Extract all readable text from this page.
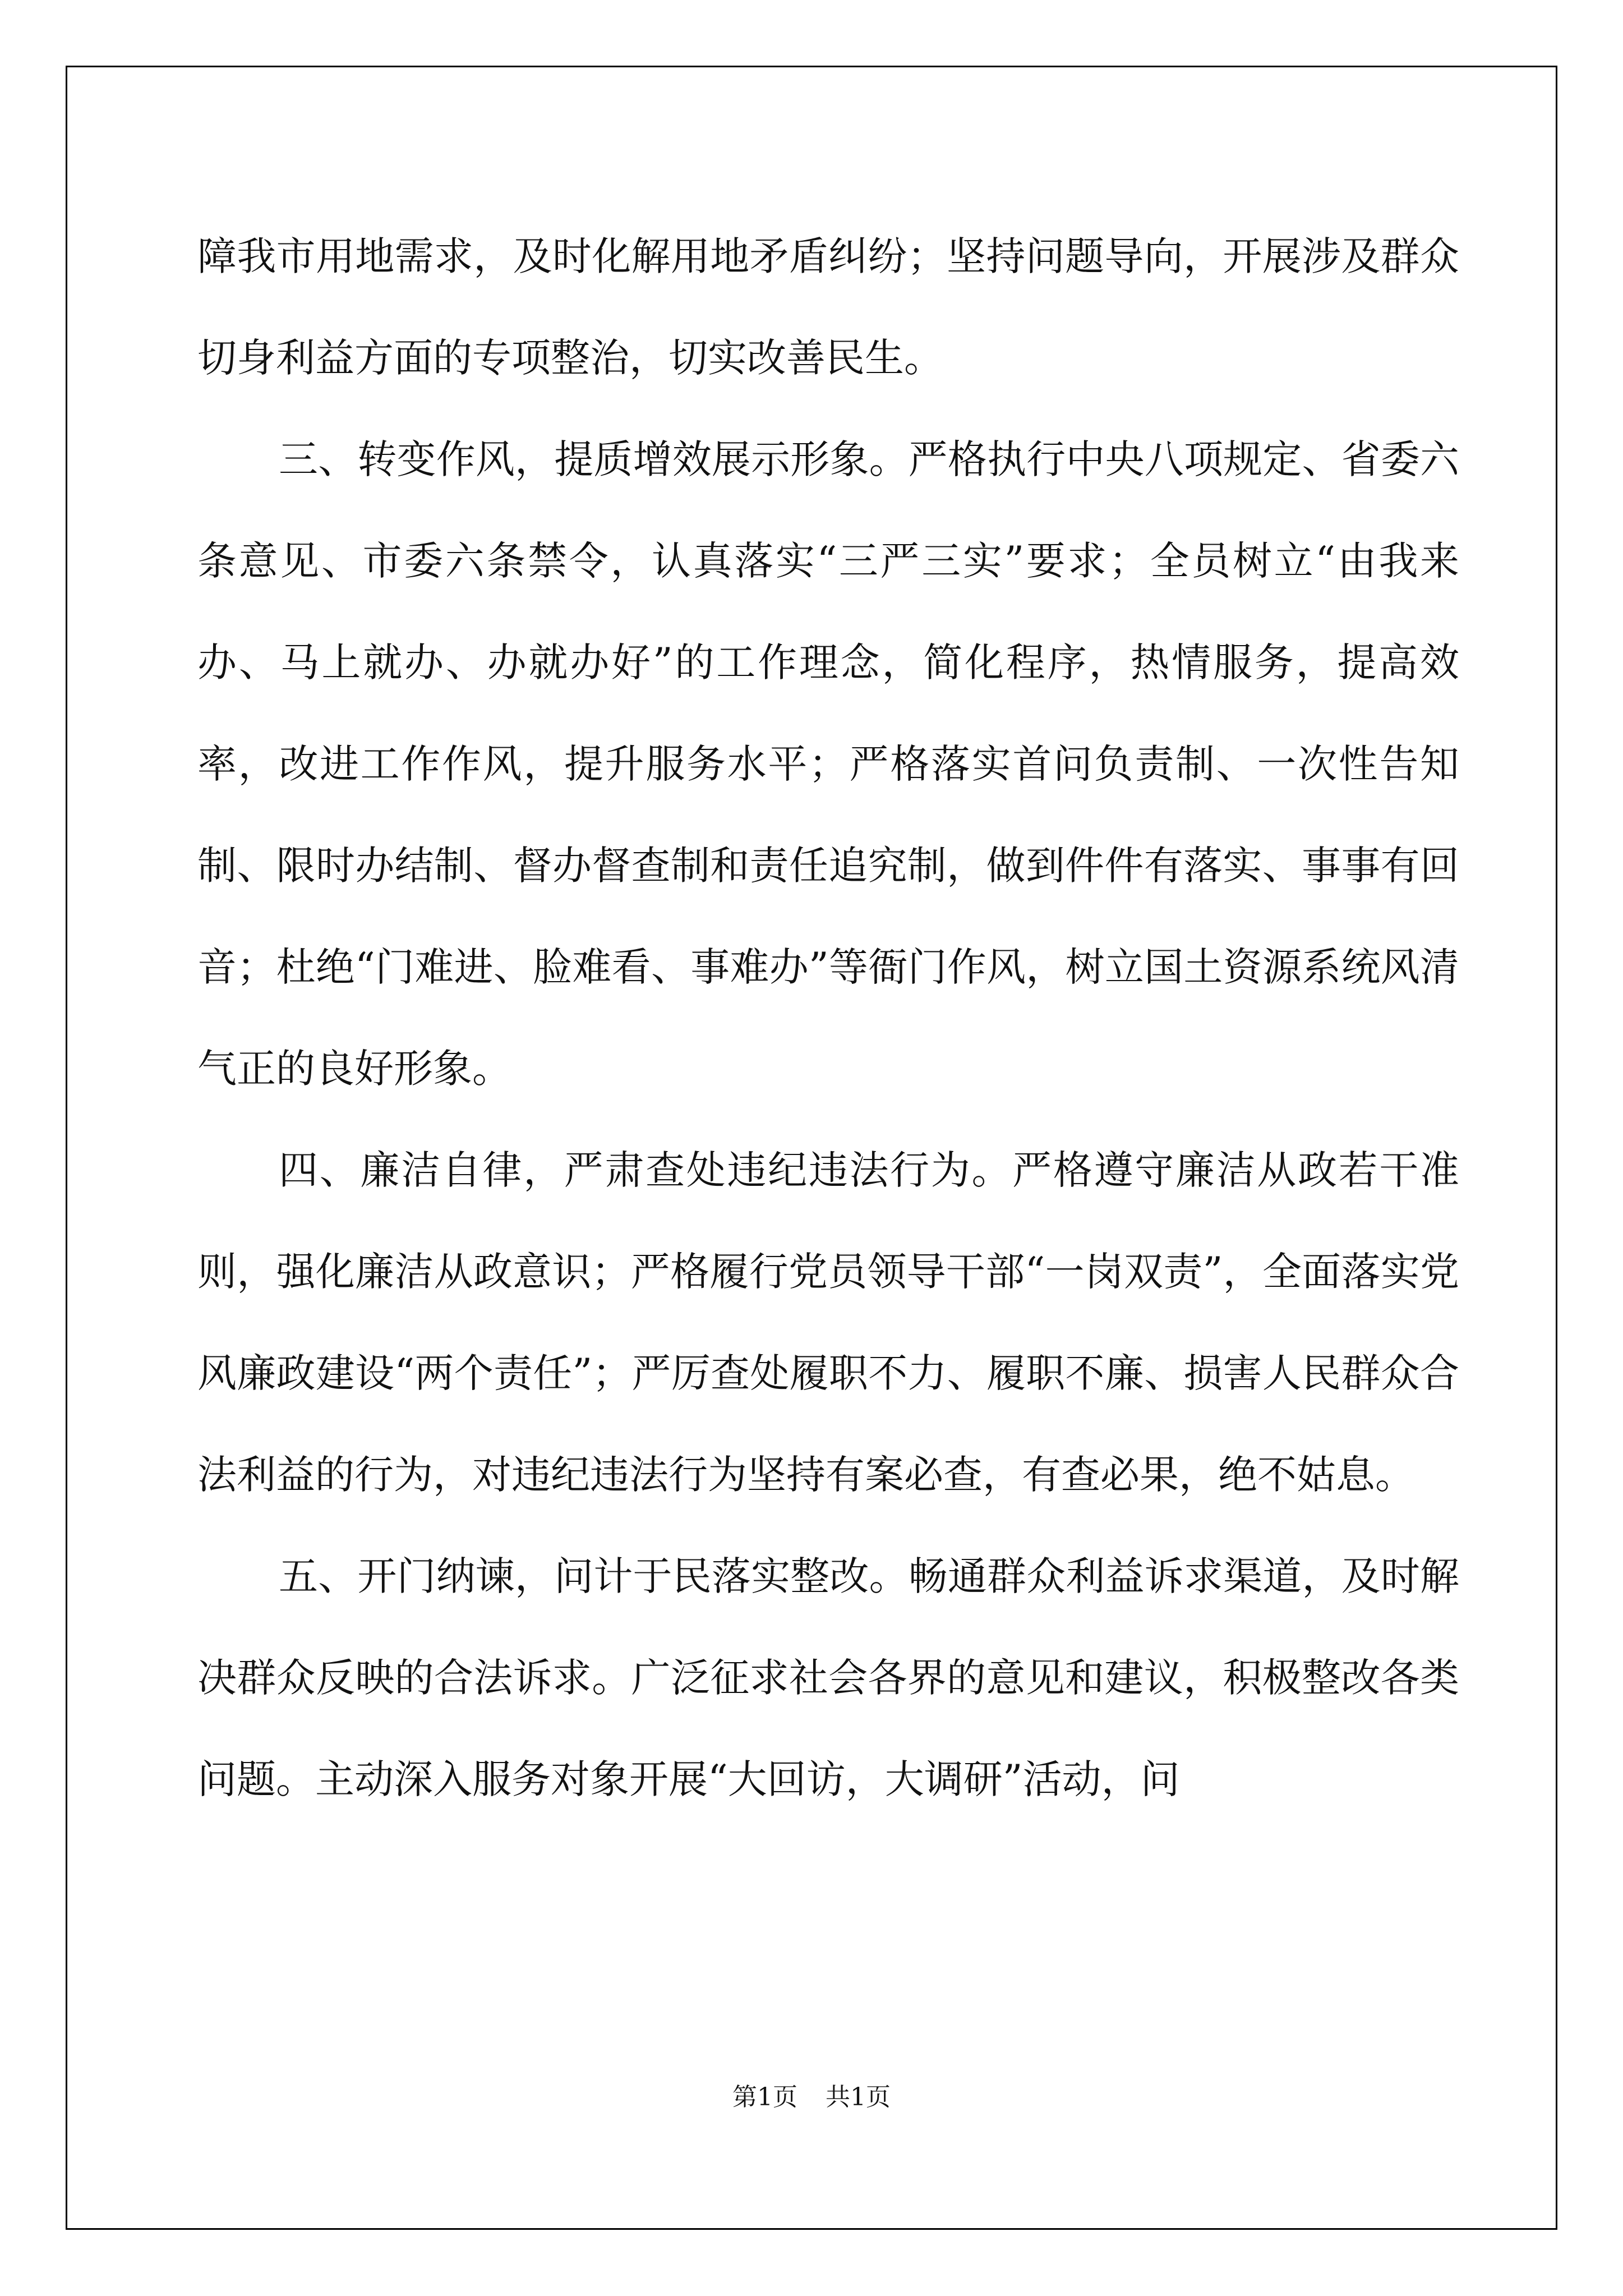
障我市用地需求，及时化解用地矛盾纠纷；坚持问题导向，开展涉及群众切身利益方面的专项整治，切实改善民生。

三、转变作风，提质增效展示形象。严格执行中央八项规定、省委六条意见、市委六条禁令，认真落实“三严三实”要求；全员树立“由我来办、马上就办、办就办好”的工作理念，简化程序，热情服务，提高效率，改进工作作风，提升服务水平；严格落实首问负责制、一次性告知制、限时办结制、督办督查制和责任追究制，做到件件有落实、事事有回音；杜绝“门难进、脸难看、事难办”等衙门作风，树立国土资源系统风清气正的良好形象。

四、廉洁自律，严肃查处违纪违法行为。严格遵守廉洁从政若干准则，强化廉洁从政意识；严格履行党员领导干部“一岗双责”，全面落实党风廉政建设“两个责任”；严厉查处履职不力、履职不廉、损害人民群众合法利益的行为，对违纪违法行为坚持有案必查，有查必果，绝不姑息。

五、开门纳谏，问计于民落实整改。畅通群众利益诉求渠道，及时解决群众反映的合法诉求。广泛征求社会各界的意见和建议，积极整改各类问题。主动深入服务对象开展“大回访，大调研”活动，问

第1页 共1页
